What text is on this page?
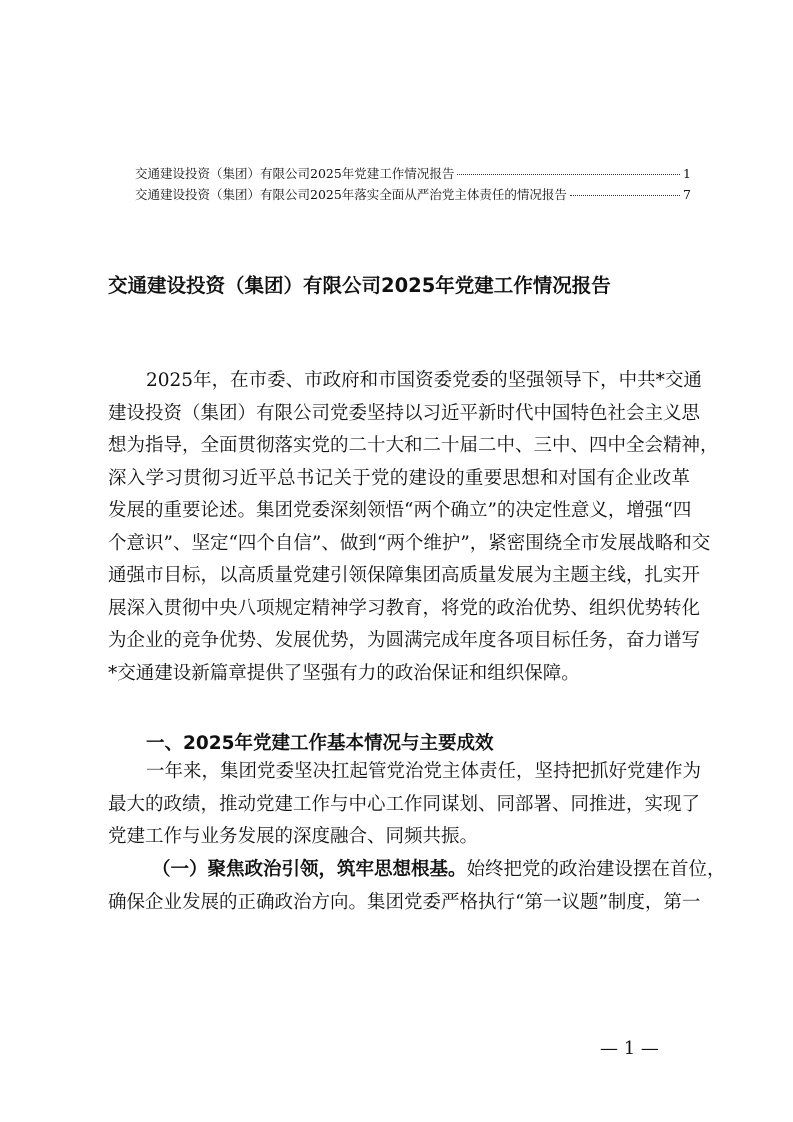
交通建设投资（集团）有限公司2025年党建工作情况报告	1
交通建设投资（集团）有限公司2025年落实全面从严治党主体责任的情况报告	7
交通建设投资（集团）有限公司2025年党建工作情况报告
2025年，在市委、市政府和市国资委党委的坚强领导下，中共*交通
建设投资（集团）有限公司党委坚持以习近平新时代中国特色社会主义思
想为指导，全面贯彻落实党的二十大和二十届二中、三中、四中全会精神，
深入学习贯彻习近平总书记关于党的建设的重要思想和对国有企业改革
发展的重要论述。集团党委深刻领悟“两个确立”的决定性意义，增强“四
个意识”、坚定“四个自信”、做到“两个维护”，紧密围绕全市发展战略和交
通强市目标，以高质量党建引领保障集团高质量发展为主题主线，扎实开
展深入贯彻中央八项规定精神学习教育，将党的政治优势、组织优势转化
为企业的竞争优势、发展优势，为圆满完成年度各项目标任务，奋力谱写
*交通建设新篇章提供了坚强有力的政治保证和组织保障。
一、2025年党建工作基本情况与主要成效
一年来，集团党委坚决扛起管党治党主体责任，坚持把抓好党建作为
最大的政绩，推动党建工作与中心工作同谋划、同部署、同推进，实现了
党建工作与业务发展的深度融合、同频共振。
（一）聚焦政治引领，筑牢思想根基。始终把党的政治建设摆在首位，
确保企业发展的正确政治方向。集团党委严格执行“第一议题”制度，第一
— 1 —
